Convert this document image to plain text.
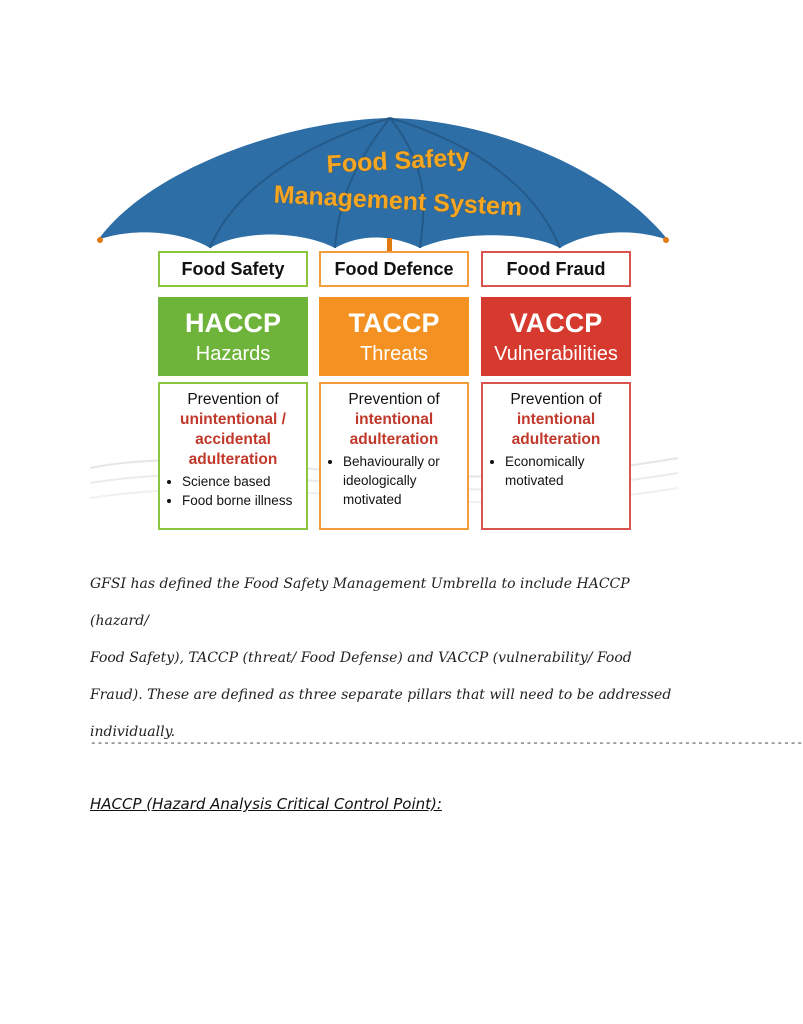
Food Safety
Management System
Food Safety
HACCP
Hazards
Prevention of
unintentional /
accidental
adulteration
• Science based
• Food borne illness
Food Defence
TACCP
Threats
Prevention of
intentional
adulteration
• Behaviourally or ideologically motivated
Food Fraud
VACCP
Vulnerabilities
Prevention of
intentional
adulteration
• Economically motivated
GFSI has defined the Food Safety Management Umbrella to include HACCP (hazard/
Food Safety), TACCP (threat/ Food Defense) and VACCP (vulnerability/ Food
Fraud). These are defined as three separate pillars that will need to be addressed
individually.
------------------------------------------------------------------------------------------------------------
HACCP (Hazard Analysis Critical Control Point):
